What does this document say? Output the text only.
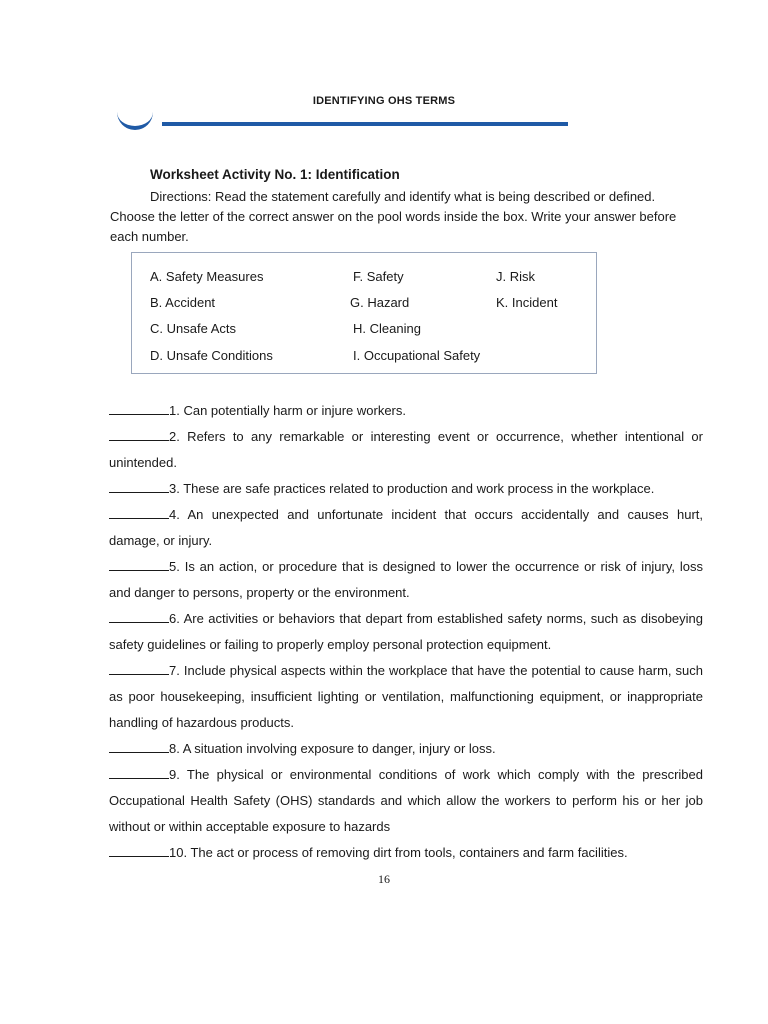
IDENTIFYING OHS TERMS
Worksheet Activity No. 1: Identification
Directions: Read the statement carefully and identify what is being described or defined. Choose the letter of the correct answer on the pool words inside the box. Write your answer before each number.
A. Safety Measures
B. Accident
C. Unsafe Acts
D. Unsafe Conditions
F. Safety
G. Hazard
H. Cleaning
I. Occupational Safety
J. Risk
K. Incident

1. Can potentially harm or injure workers.

2. Refers to any remarkable or interesting event or occurrence, whether intentional or unintended.

3. These are safe practices related to production and work process in the workplace.

4. An unexpected and unfortunate incident that occurs accidentally and causes hurt, damage, or injury.

5. Is an action, or procedure that is designed to lower the occurrence or risk of injury, loss and danger to persons, property or the environment.

6. Are activities or behaviors that depart from established safety norms, such as disobeying safety guidelines or failing to properly employ personal protection equipment.

7. Include physical aspects within the workplace that have the potential to cause harm, such as poor housekeeping, insufficient lighting or ventilation, malfunctioning equipment, or inappropriate handling of hazardous products.

8. A situation involving exposure to danger, injury or loss.

9. The physical or environmental conditions of work which comply with the prescribed Occupational Health Safety (OHS) standards and which allow the workers to perform his or her job without or within acceptable exposure to hazards

10. The act or process of removing dirt from tools, containers and farm facilities.

16
